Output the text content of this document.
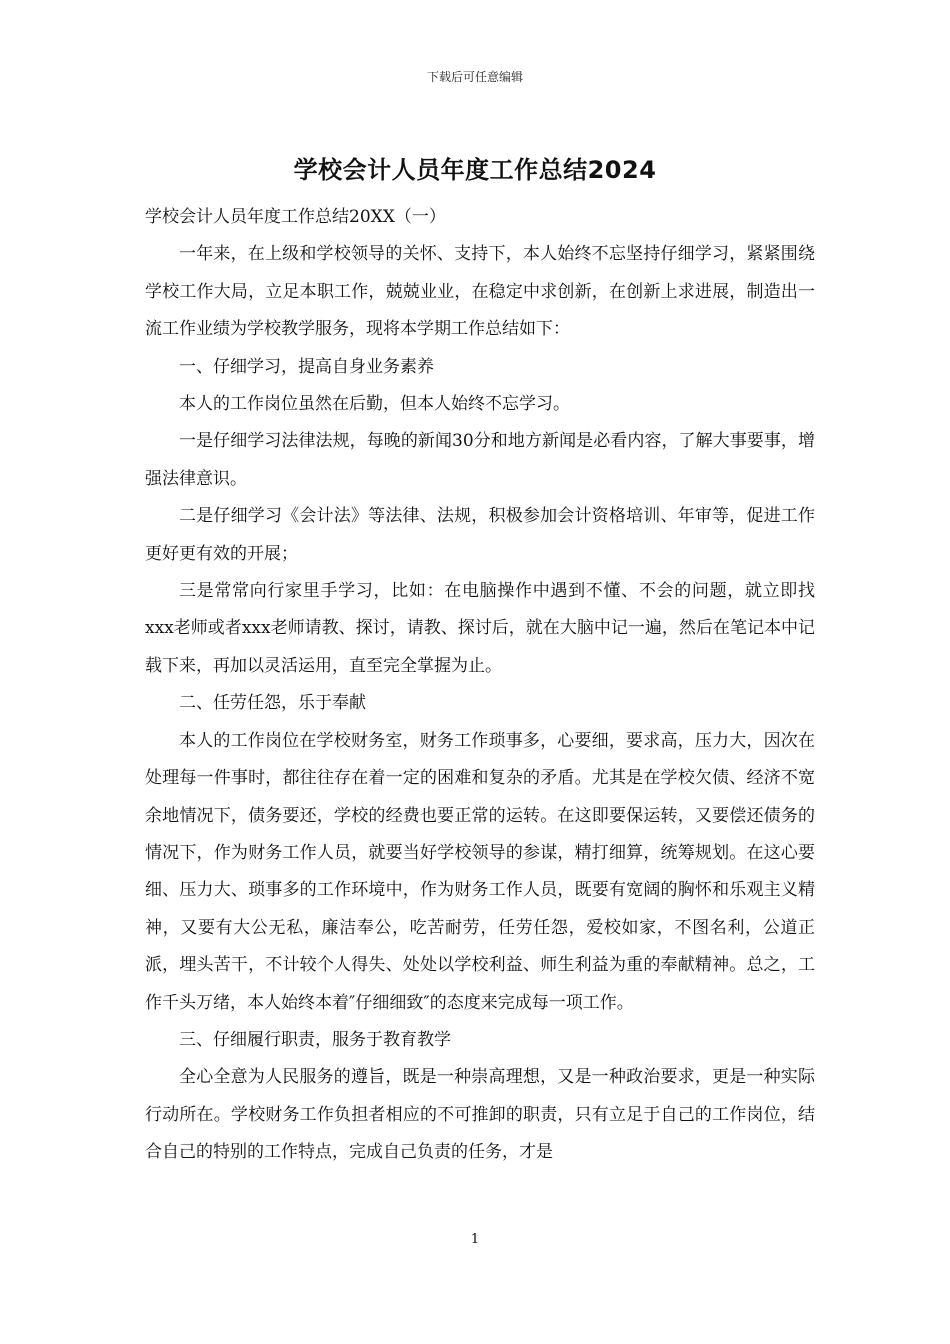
下载后可任意编辑
学校会计人员年度工作总结2024

学校会计人员年度工作总结20XX（一）

一年来，在上级和学校领导的关怀、支持下，本人始终不忘坚持仔细学习，紧紧围绕学校工作大局，立足本职工作，兢兢业业，在稳定中求创新，在创新上求进展，制造出一流工作业绩为学校教学服务，现将本学期工作总结如下：

一、仔细学习，提高自身业务素养

本人的工作岗位虽然在后勤，但本人始终不忘学习。

一是仔细学习法律法规，每晚的新闻30分和地方新闻是必看内容，了解大事要事，增强法律意识。

二是仔细学习《会计法》等法律、法规，积极参加会计资格培训、年审等，促进工作更好更有效的开展；

三是常常向行家里手学习，比如：在电脑操作中遇到不懂、不会的问题，就立即找xxx老师或者xxx老师请教、探讨，请教、探讨后，就在大脑中记一遍，然后在笔记本中记载下来，再加以灵活运用，直至完全掌握为止。

二、任劳任怨，乐于奉献

本人的工作岗位在学校财务室，财务工作琐事多，心要细，要求高，压力大，因次在处理每一件事时，都往往存在着一定的困难和复杂的矛盾。尤其是在学校欠债、经济不宽余地情况下，债务要还，学校的经费也要正常的运转。在这即要保运转，又要偿还债务的情况下，作为财务工作人员，就要当好学校领导的参谋，精打细算，统筹规划。在这心要细、压力大、琐事多的工作环境中，作为财务工作人员，既要有宽阔的胸怀和乐观主义精神，又要有大公无私，廉洁奉公，吃苦耐劳，任劳任怨，爱校如家，不图名利，公道正派，埋头苦干，不计较个人得失、处处以学校利益、师生利益为重的奉献精神。总之，工作千头万绪，本人始终本着″仔细细致″的态度来完成每一项工作。

三、仔细履行职责，服务于教育教学

全心全意为人民服务的遵旨，既是一种崇高理想，又是一种政治要求，更是一种实际行动所在。学校财务工作负担者相应的不可推卸的职责，只有立足于自己的工作岗位，结合自己的特别的工作特点，完成自己负责的任务，才是

1
